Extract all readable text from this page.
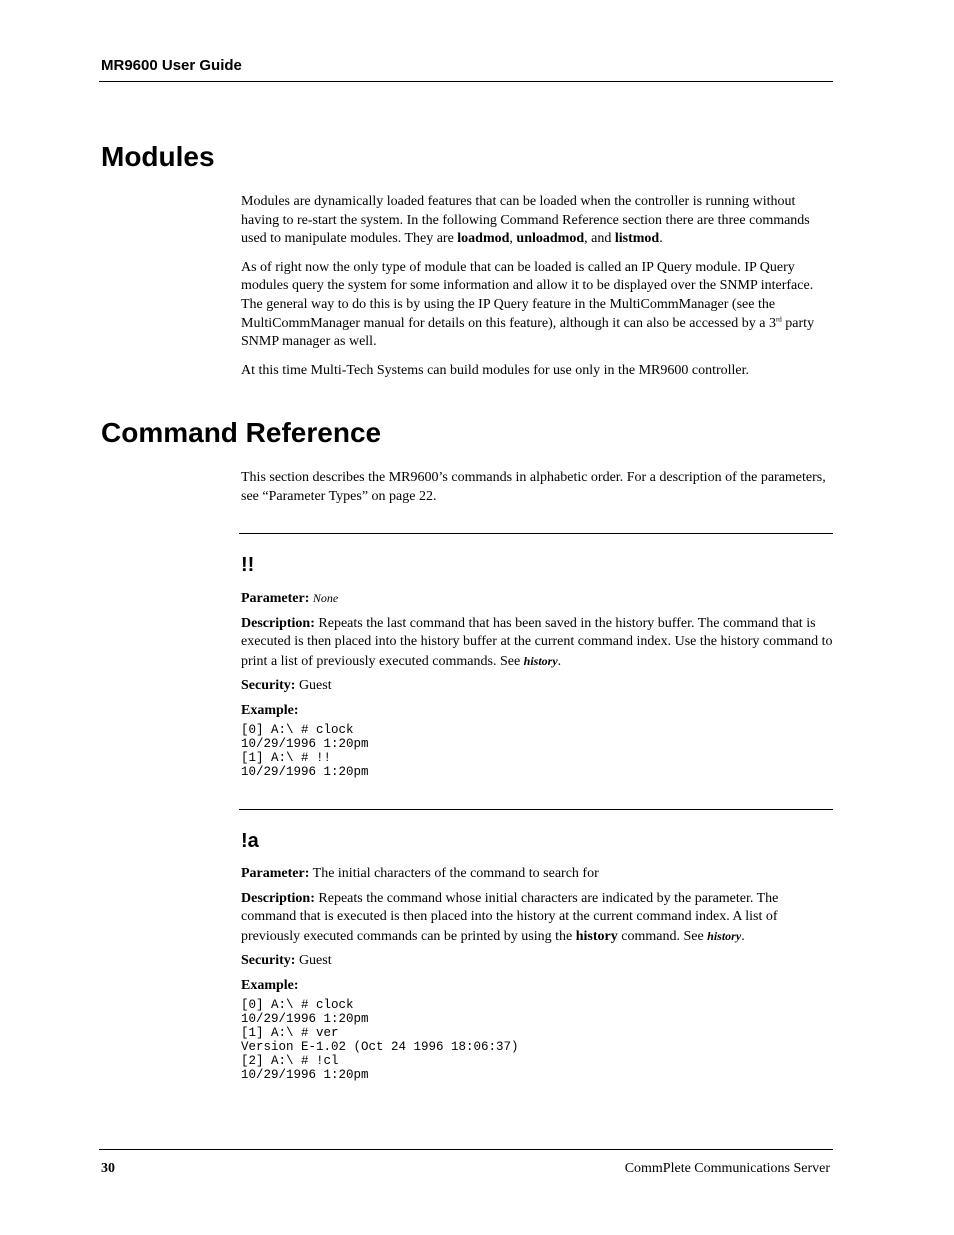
MR9600 User Guide
Modules

Modules are dynamically loaded features that can be loaded when the controller is running without having to re-start the system. In the following Command Reference section there are three commands used to manipulate modules. They are loadmod, unloadmod, and listmod.

As of right now the only type of module that can be loaded is called an IP Query module. IP Query modules query the system for some information and allow it to be displayed over the SNMP interface. The general way to do this is by using the IP Query feature in the MultiCommManager (see the MultiCommManager manual for details on this feature), although it can also be accessed by a 3rd party SNMP manager as well.

At this time Multi-Tech Systems can build modules for use only in the MR9600 controller.

Command Reference

This section describes the MR9600’s commands in alphabetic order. For a description of the parameters, see “Parameter Types” on page 22.

!!

Parameter: None

Description: Repeats the last command that has been saved in the history buffer. The command that is executed is then placed into the history buffer at the current command index. Use the history command to print a list of previously executed commands. See history.

Security: Guest

Example:

[0] A:\ # clock
10/29/1996 1:20pm
[1] A:\ # !!
10/29/1996 1:20pm
!a

Parameter: The initial characters of the command to search for

Description: Repeats the command whose initial characters are indicated by the parameter. The command that is executed is then placed into the history at the current command index. A list of previously executed commands can be printed by using the history command. See history.

Security: Guest

Example:

[0] A:\ # clock
10/29/1996 1:20pm
[1] A:\ # ver
Version E-1.02 (Oct 24 1996 18:06:37)
[2] A:\ # !cl
10/29/1996 1:20pm
30	CommPlete Communications Server
